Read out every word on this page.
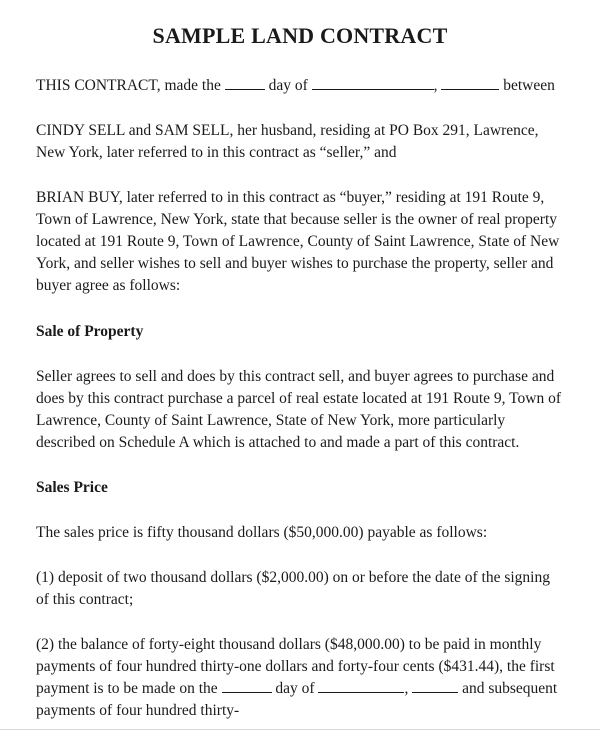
SAMPLE LAND CONTRACT

THIS CONTRACT, made the	day of	,	between

CINDY SELL and SAM SELL, her husband, residing at PO Box 291, Lawrence, New York, later referred to in this contract as “seller,” and

BRIAN BUY, later referred to in this contract as “buyer,” residing at 191 Route 9, Town of Lawrence, New York, state that because seller is the owner of real property located at 191 Route 9, Town of Lawrence, County of Saint Lawrence, State of New York, and seller wishes to sell and buyer wishes to purchase the property, seller and buyer agree as follows:

Sale of Property

Seller agrees to sell and does by this contract sell, and buyer agrees to purchase and does by this contract purchase a parcel of real estate located at 191 Route 9, Town of Lawrence, County of Saint Lawrence, State of New York, more particularly described on Schedule A which is attached to and made a part of this contract.

Sales Price

The sales price is fifty thousand dollars ($50,000.00) payable as follows:

(1) deposit of two thousand dollars ($2,000.00) on or before the date of the signing of this contract;

(2) the balance of forty-eight thousand dollars ($48,000.00) to be paid in monthly payments of four hundred thirty-one dollars and forty-four cents ($431.44), the first payment is to be made on the	day of	,	and subsequent payments of four hundred thirty-
